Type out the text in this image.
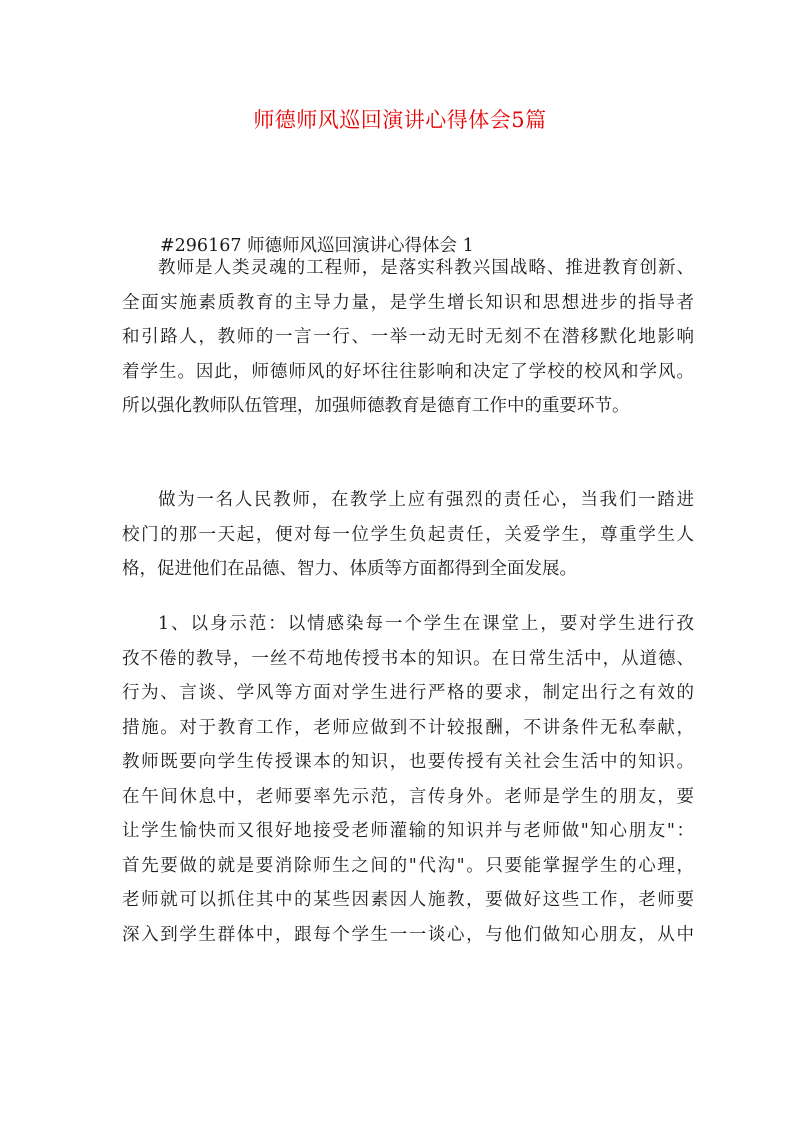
师德师风巡回演讲心得体会5篇
#296167 师德师风巡回演讲心得体会 1
教师是人类灵魂的工程师，是落实科教兴国战略、推进教育创新、
全面实施素质教育的主导力量，是学生增长知识和思想进步的指导者
和引路人，教师的一言一行、一举一动无时无刻不在潜移默化地影响
着学生。因此，师德师风的好坏往往影响和决定了学校的校风和学风。
所以强化教师队伍管理，加强师德教育是德育工作中的重要环节。
做为一名人民教师，在教学上应有强烈的责任心，当我们一踏进
校门的那一天起，便对每一位学生负起责任，关爱学生，尊重学生人
格，促进他们在品德、智力、体质等方面都得到全面发展。
1、以身示范：以情感染每一个学生在课堂上，要对学生进行孜
孜不倦的教导，一丝不苟地传授书本的知识。在日常生活中，从道德、
行为、言谈、学风等方面对学生进行严格的要求，制定出行之有效的
措施。对于教育工作，老师应做到不计较报酬，不讲条件无私奉献，
教师既要向学生传授课本的知识，也要传授有关社会生活中的知识。
在午间休息中，老师要率先示范，言传身外。老师是学生的朋友，要
让学生愉快而又很好地接受老师灌输的知识并与老师做"知心朋友"：
首先要做的就是要消除师生之间的"代沟"。只要能掌握学生的心理，
老师就可以抓住其中的某些因素因人施教，要做好这些工作，老师要
深入到学生群体中，跟每个学生一一谈心，与他们做知心朋友，从中
